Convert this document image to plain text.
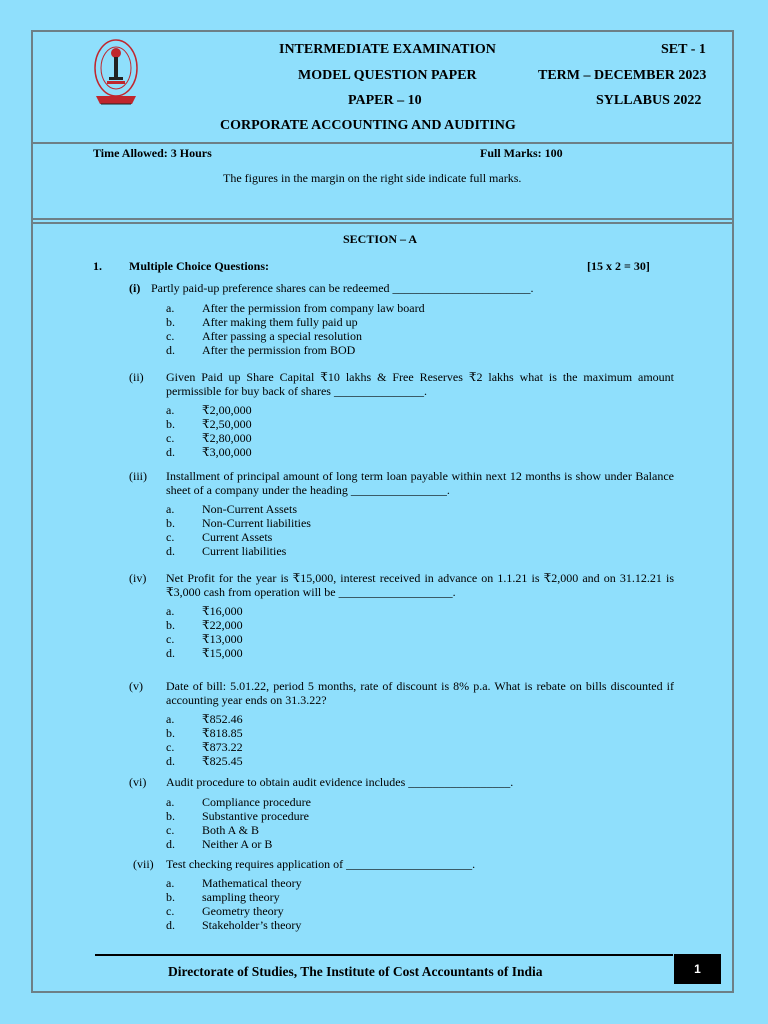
INTERMEDIATE EXAMINATION	SET - 1
MODEL QUESTION PAPER	TERM – DECEMBER 2023
PAPER – 10	SYLLABUS 2022
CORPORATE ACCOUNTING AND AUDITING
Time Allowed: 3 Hours	Full Marks: 100
The figures in the margin on the right side indicate full marks.
SECTION – A
1. Multiple Choice Questions:	[15 x 2 = 30]
(i) Partly paid-up preference shares can be redeemed _______________________.
a. After the permission from company law board
b. After making them fully paid up
c. After passing a special resolution
d. After the permission from BOD
(ii) Given Paid up Share Capital ₹10 lakhs & Free Reserves ₹2 lakhs what is the maximum amount permissible for buy back of shares _______________.
a. ₹2,00,000
b. ₹2,50,000
c. ₹2,80,000
d. ₹3,00,000
(iii) Installment of principal amount of long term loan payable within next 12 months is show under Balance sheet of a company under the heading ________________.
a. Non-Current Assets
b. Non-Current liabilities
c. Current Assets
d. Current liabilities
(iv) Net Profit for the year is ₹15,000, interest received in advance on 1.1.21 is ₹2,000 and on 31.12.21 is ₹3,000 cash from operation will be ___________________.
a. ₹16,000
b. ₹22,000
c. ₹13,000
d. ₹15,000
(v) Date of bill: 5.01.22, period 5 months, rate of discount is 8% p.a. What is rebate on bills discounted if accounting year ends on 31.3.22?
a. ₹852.46
b. ₹818.85
c. ₹873.22
d. ₹825.45
(vi) Audit procedure to obtain audit evidence includes _________________.
a. Compliance procedure
b. Substantive procedure
c. Both A & B
d. Neither A or B
(vii) Test checking requires application of _____________________.
a. Mathematical theory
b. sampling theory
c. Geometry theory
d. Stakeholder’s theory
Directorate of Studies, The Institute of Cost Accountants of India	1
